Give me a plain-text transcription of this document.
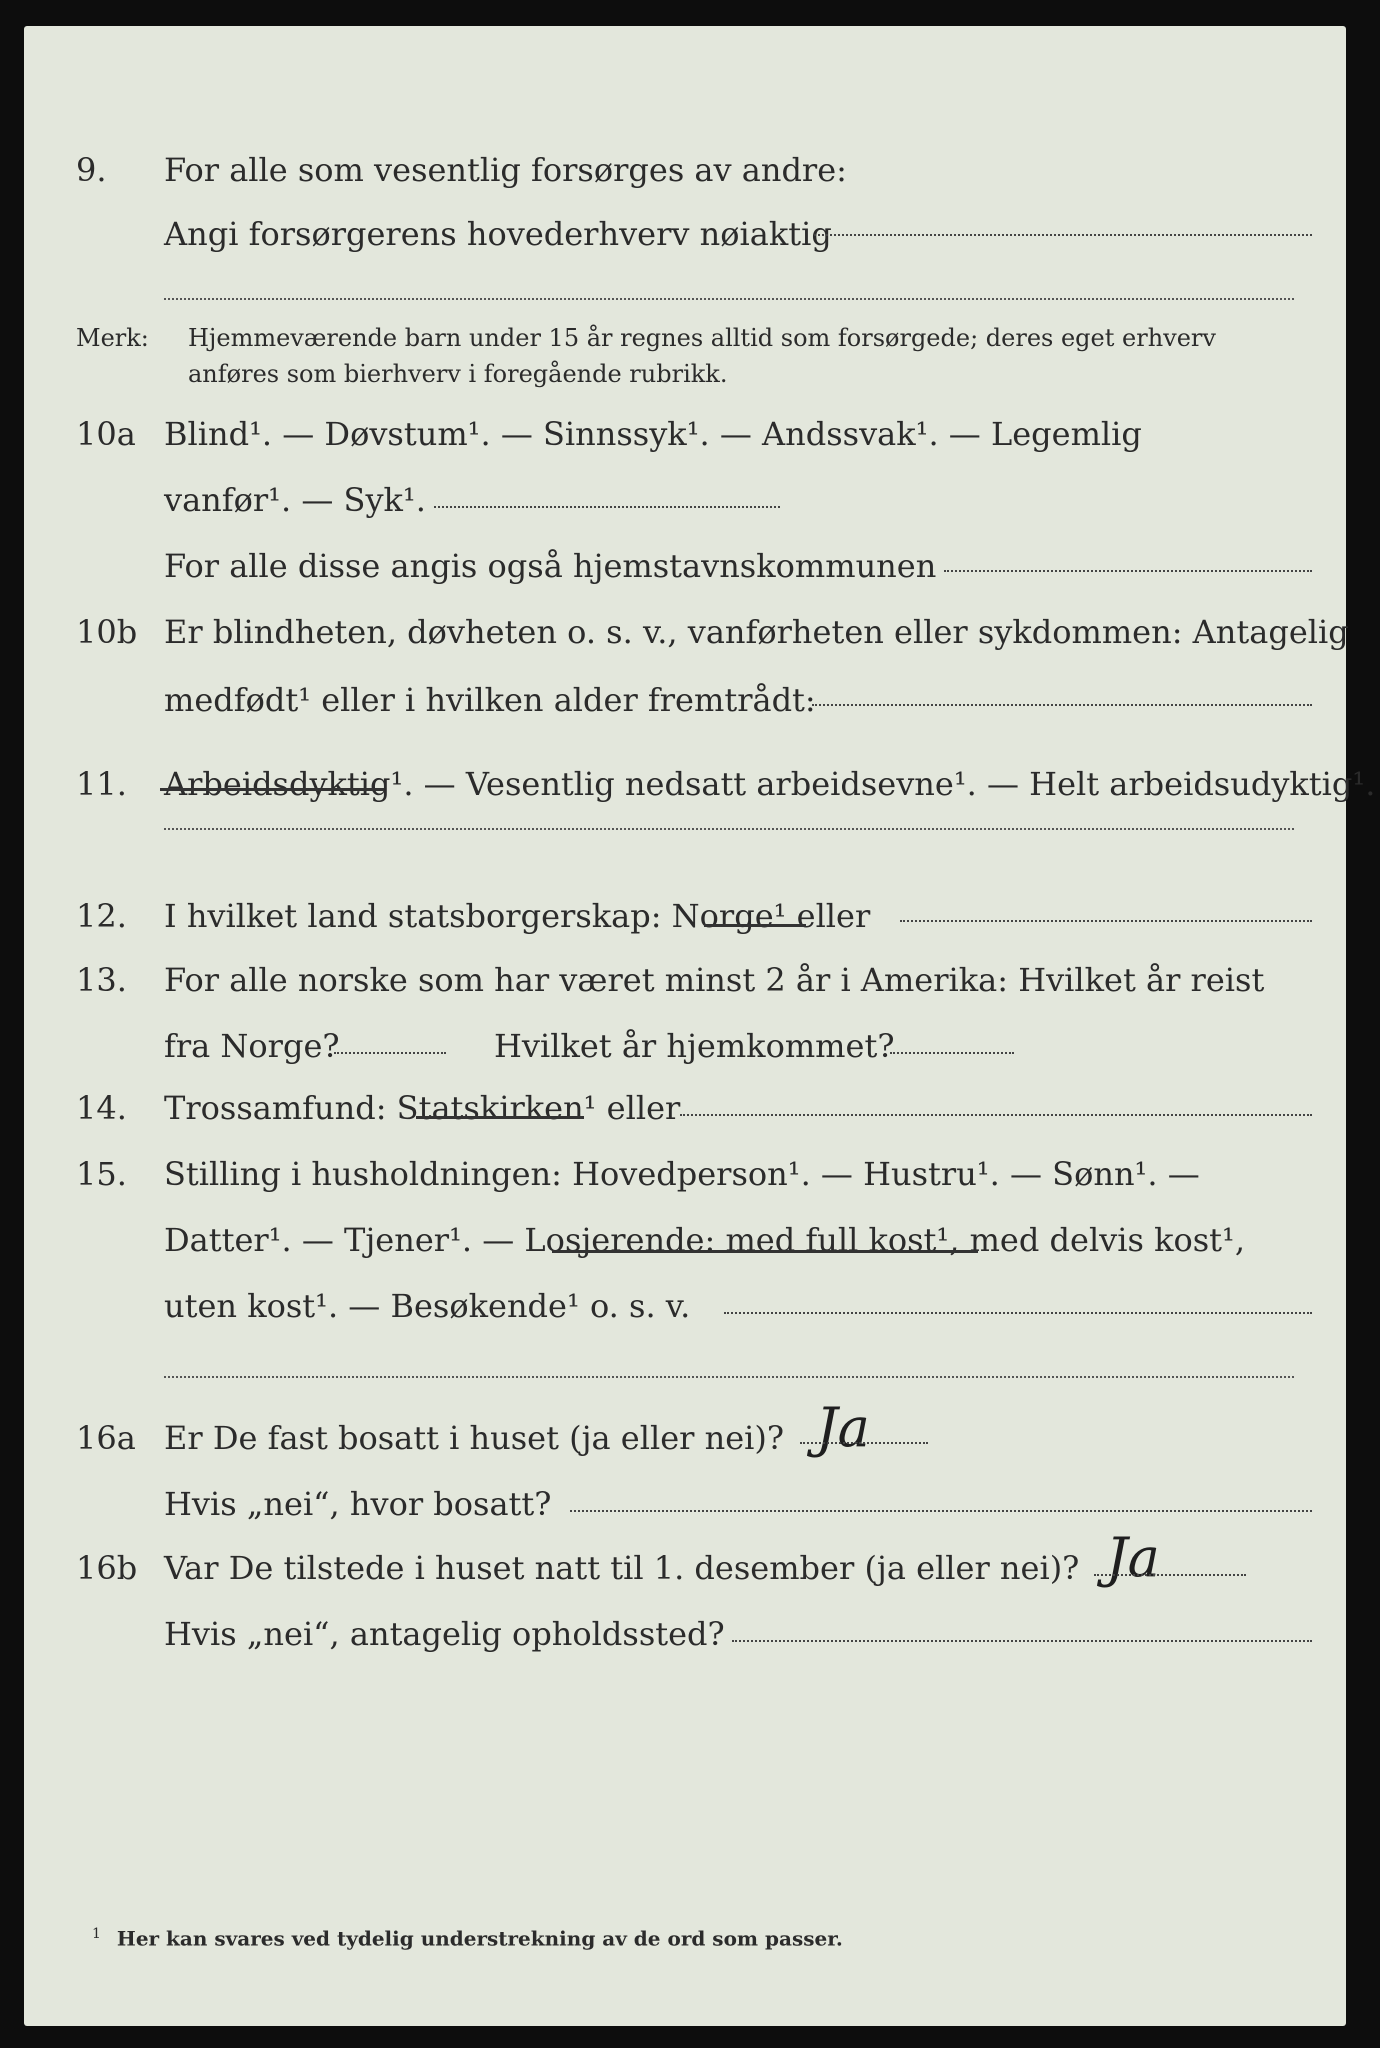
9. For alle som vesentlig forsørges av andre:
Angi forsørgerens hovederhverv nøiaktig
Merk: Hjemmeværende barn under 15 år regnes alltid som forsørgede; deres eget erhverv
anføres som bierhverv i foregående rubrikk.
10a Blind¹. — Døvstum¹. — Sinnssyk¹. — Andssvak¹. — Legemlig
vanfør¹. — Syk¹.
For alle disse angis også hjemstavnskommunen
10b Er blindheten, døvheten o. s. v., vanførheten eller sykdommen: Antagelig
medfødt¹ eller i hvilken alder fremtrådt:
11. Arbeidsdyktig¹. — Vesentlig nedsatt arbeidsevne¹. — Helt arbeidsudyktig¹.
12. I hvilket land statsborgerskap: Norge¹ eller
13. For alle norske som har været minst 2 år i Amerika: Hvilket år reist
fra Norge?	Hvilket år hjemkommet?
14. Trossamfund: Statskirken¹ eller
15. Stilling i husholdningen: Hovedperson¹. — Hustru¹. — Sønn¹. —
Datter¹. — Tjener¹. — Losjerende: med full kost¹, med delvis kost¹,
uten kost¹. — Besøkende¹ o. s. v.
16a Er De fast bosatt i huset (ja eller nei)? Ja
Hvis „nei“, hvor bosatt?
16b Var De tilstede i huset natt til 1. desember (ja eller nei)? Ja
Hvis „nei“, antagelig opholdssted?
$^1$ Her kan svares ved tydelig understrekning av de ord som passer.
